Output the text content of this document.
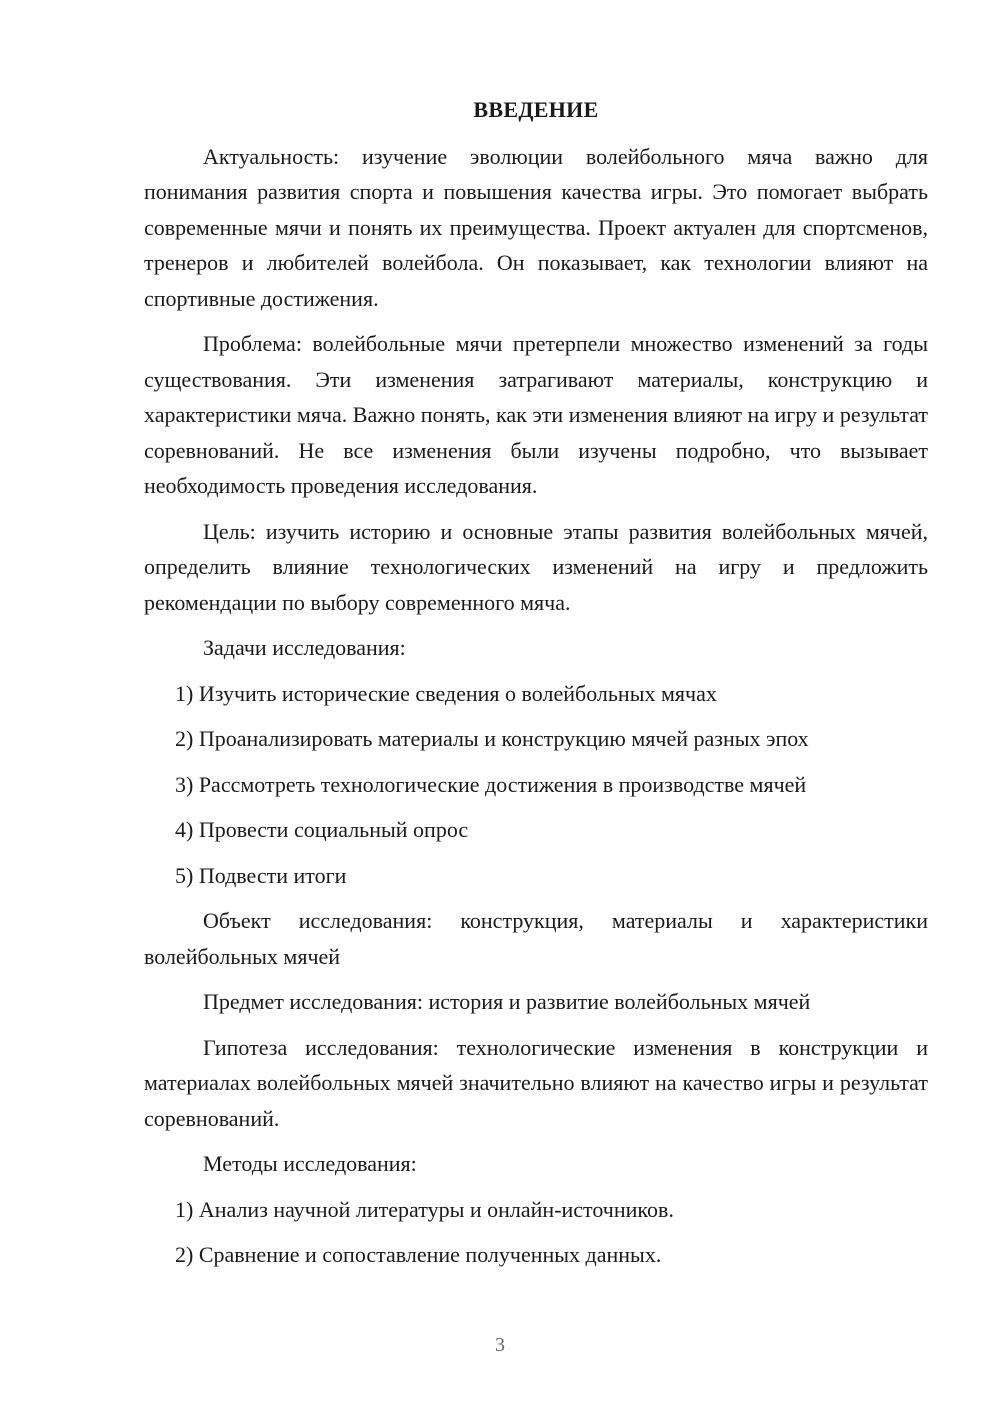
ВВЕДЕНИЕ

Актуальность: изучение эволюции волейбольного мяча важно для понимания развития спорта и повышения качества игры. Это помогает выбрать современные мячи и понять их преимущества. Проект актуален для спортсменов, тренеров и любителей волейбола. Он показывает, как технологии влияют на спортивные достижения.

Проблема: волейбольные мячи претерпели множество изменений за годы существования. Эти изменения затрагивают материалы, конструкцию и характеристики мяча. Важно понять, как эти изменения влияют на игру и результат соревнований. Не все изменения были изучены подробно, что вызывает необходимость проведения исследования.

Цель: изучить историю и основные этапы развития волейбольных мячей, определить влияние технологических изменений на игру и предложить рекомендации по выбору современного мяча.

Задачи исследования:

1) Изучить исторические сведения о волейбольных мячах
2) Проанализировать материалы и конструкцию мячей разных эпох
3) Рассмотреть технологические достижения в производстве мячей
4) Провести социальный опрос
5) Подвести итоги

Объект исследования: конструкция, материалы и характеристики волейбольных мячей

Предмет исследования: история и развитие волейбольных мячей

Гипотеза исследования: технологические изменения в конструкции и материалах волейбольных мячей значительно влияют на качество игры и результат соревнований.

Методы исследования:

1) Анализ научной литературы и онлайн-источников.
2) Сравнение и сопоставление полученных данных.
3
